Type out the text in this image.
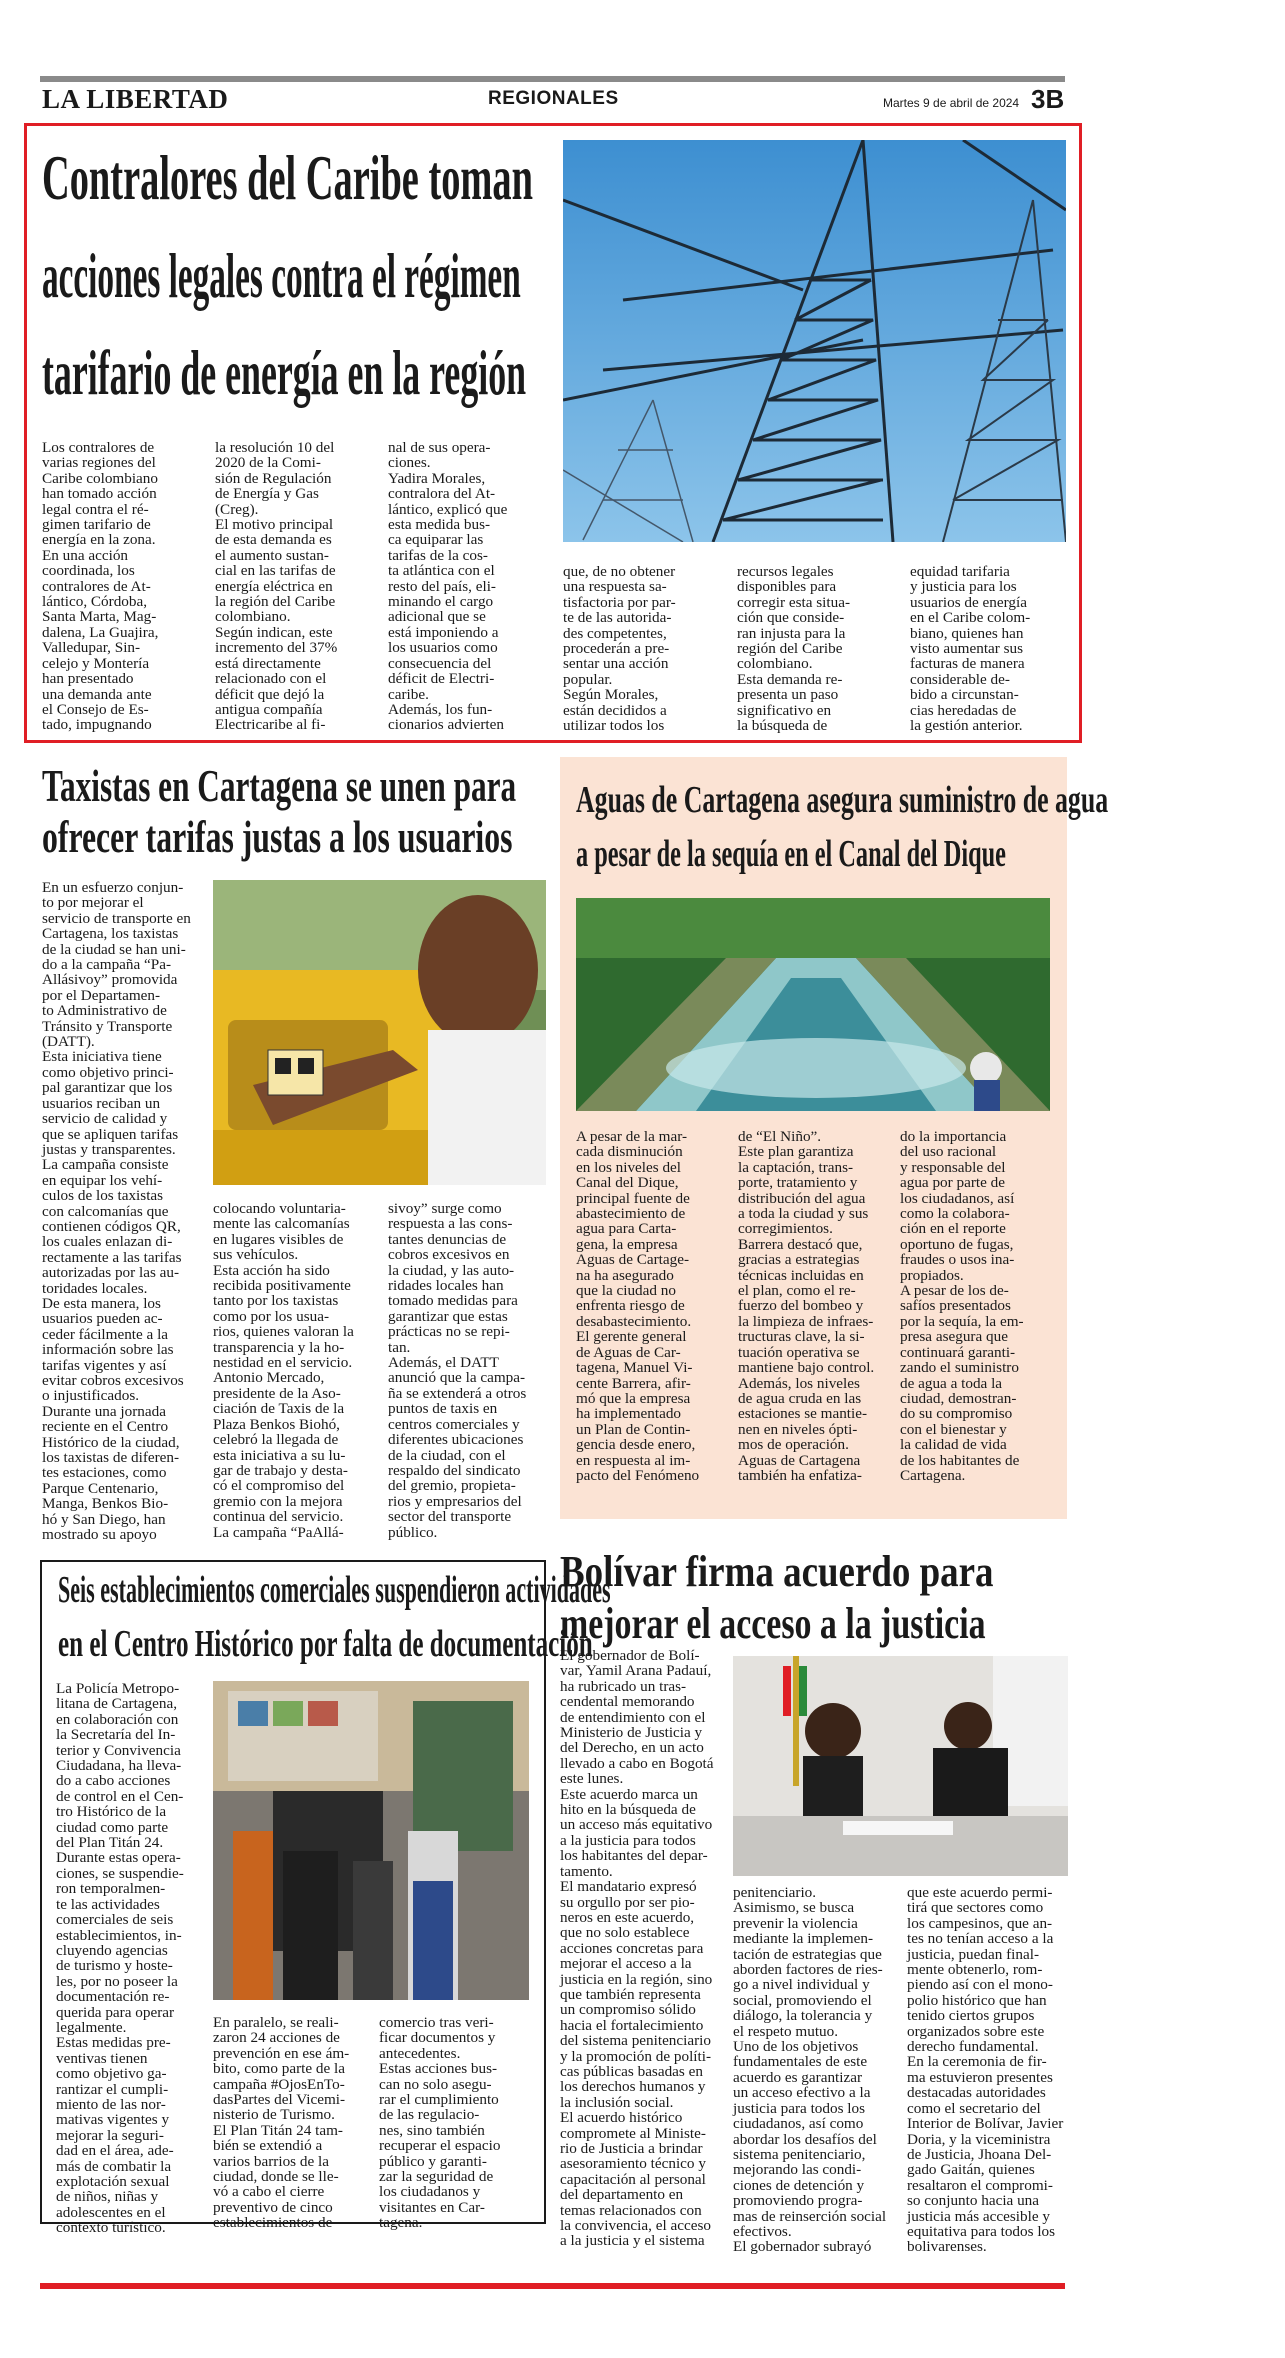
LA LIBERTAD	REGIONALES	Martes 9 de abril de 2024 3B
Contralores del Caribe toman
acciones legales contra el régimen
tarifario de energía en la región
Los contralores de
varias regiones del
Caribe colombiano
han tomado acción
legal contra el ré-
gimen tarifario de
energía en la zona.
En una acción
coordinada, los
contralores de At-
lántico, Córdoba,
Santa Marta, Mag-
dalena, La Guajira,
Valledupar, Sin-
celejo y Montería
han presentado
una demanda ante
el Consejo de Es-
tado, impugnando
la resolución 10 del
2020 de la Comi-
sión de Regulación
de Energía y Gas
(Creg).
El motivo principal
de esta demanda es
el aumento sustan-
cial en las tarifas de
energía eléctrica en
la región del Caribe
colombiano.
Según indican, este
incremento del 37%
está directamente
relacionado con el
déficit que dejó la
antigua compañía
Electricaribe al fi-
nal de sus opera-
ciones.
Yadira Morales,
contralora del At-
lántico, explicó que
esta medida bus-
ca equiparar las
tarifas de la cos-
ta atlántica con el
resto del país, eli-
minando el cargo
adicional que se
está imponiendo a
los usuarios como
consecuencia del
déficit de Electri-
caribe.
Además, los fun-
cionarios advierten
que, de no obtener
una respuesta sa-
tisfactoria por par-
te de las autorida-
des competentes,
procederán a pre-
sentar una acción
popular.
Según Morales,
están decididos a
utilizar todos los
recursos legales
disponibles para
corregir esta situa-
ción que conside-
ran injusta para la
región del Caribe
colombiano.
Esta demanda re-
presenta un paso
significativo en
la búsqueda de
equidad tarifaria
y justicia para los
usuarios de energía
en el Caribe colom-
biano, quienes han
visto aumentar sus
facturas de manera
considerable de-
bido a circunstan-
cias heredadas de
la gestión anterior.
Taxistas en Cartagena se unen para
ofrecer tarifas justas a los usuarios
En un esfuerzo conjun-
to por mejorar el
servicio de transporte en
Cartagena, los taxistas
de la ciudad se han uni-
do a la campaña “Pa-
Allásivoy” promovida
por el Departamen-
to Administrativo de
Tránsito y Transporte
(DATT).
Esta iniciativa tiene
como objetivo princi-
pal garantizar que los
usuarios reciban un
servicio de calidad y
que se apliquen tarifas
justas y transparentes.
La campaña consiste
en equipar los vehí-
culos de los taxistas
con calcomanías que
contienen códigos QR,
los cuales enlazan di-
rectamente a las tarifas
autorizadas por las au-
toridades locales.
De esta manera, los
usuarios pueden ac-
ceder fácilmente a la
información sobre las
tarifas vigentes y así
evitar cobros excesivos
o injustificados.
Durante una jornada
reciente en el Centro
Histórico de la ciudad,
los taxistas de diferen-
tes estaciones, como
Parque Centenario,
Manga, Benkos Bio-
hó y San Diego, han
mostrado su apoyo
colocando voluntaria-
mente las calcomanías
en lugares visibles de
sus vehículos.
Esta acción ha sido
recibida positivamente
tanto por los taxistas
como por los usua-
rios, quienes valoran la
transparencia y la ho-
nestidad en el servicio.
Antonio Mercado,
presidente de la Aso-
ciación de Taxis de la
Plaza Benkos Biohó,
celebró la llegada de
esta iniciativa a su lu-
gar de trabajo y desta-
có el compromiso del
gremio con la mejora
continua del servicio.
La campaña “PaAllá-
sivoy” surge como
respuesta a las cons-
tantes denuncias de
cobros excesivos en
la ciudad, y las auto-
ridades locales han
tomado medidas para
garantizar que estas
prácticas no se repi-
tan.
Además, el DATT
anunció que la campa-
ña se extenderá a otros
puntos de taxis en
centros comerciales y
diferentes ubicaciones
de la ciudad, con el
respaldo del sindicato
del gremio, propieta-
rios y empresarios del
sector del transporte
público.
Aguas de Cartagena asegura suministro de agua
a pesar de la sequía en el Canal del Dique
A pesar de la mar-
cada disminución
en los niveles del
Canal del Dique,
principal fuente de
abastecimiento de
agua para Carta-
gena, la empresa
Aguas de Cartage-
na ha asegurado
que la ciudad no
enfrenta riesgo de
desabastecimiento.
El gerente general
de Aguas de Car-
tagena, Manuel Vi-
cente Barrera, afir-
mó que la empresa
ha implementado
un Plan de Contin-
gencia desde enero,
en respuesta al im-
pacto del Fenómeno
de “El Niño”.
Este plan garantiza
la captación, trans-
porte, tratamiento y
distribución del agua
a toda la ciudad y sus
corregimientos.
Barrera destacó que,
gracias a estrategias
técnicas incluidas en
el plan, como el re-
fuerzo del bombeo y
la limpieza de infraes-
tructuras clave, la si-
tuación operativa se
mantiene bajo control.
Además, los niveles
de agua cruda en las
estaciones se mantie-
nen en niveles ópti-
mos de operación.
Aguas de Cartagena
también ha enfatiza-
do la importancia
del uso racional
y responsable del
agua por parte de
los ciudadanos, así
como la colabora-
ción en el reporte
oportuno de fugas,
fraudes o usos ina-
propiados.
A pesar de los de-
safíos presentados
por la sequía, la em-
presa asegura que
continuará garanti-
zando el suministro
de agua a toda la
ciudad, demostran-
do su compromiso
con el bienestar y
la calidad de vida
de los habitantes de
Cartagena.
Seis establecimientos comerciales suspendieron actividades
en el Centro Histórico por falta de documentación
La Policía Metropo-
litana de Cartagena,
en colaboración con
la Secretaría del In-
terior y Convivencia
Ciudadana, ha lleva-
do a cabo acciones
de control en el Cen-
tro Histórico de la
ciudad como parte
del Plan Titán 24.
Durante estas opera-
ciones, se suspendie-
ron temporalmen-
te las actividades
comerciales de seis
establecimientos, in-
cluyendo agencias
de turismo y hoste-
les, por no poseer la
documentación re-
querida para operar
legalmente.
Estas medidas pre-
ventivas tienen
como objetivo ga-
rantizar el cumpli-
miento de las nor-
mativas vigentes y
mejorar la seguri-
dad en el área, ade-
más de combatir la
explotación sexual
de niños, niñas y
adolescentes en el
contexto turístico.
En paralelo, se reali-
zaron 24 acciones de
prevención en ese ám-
bito, como parte de la
campaña #OjosEnTo-
dasPartes del Vicemi-
nisterio de Turismo.
El Plan Titán 24 tam-
bién se extendió a
varios barrios de la
ciudad, donde se lle-
vó a cabo el cierre
preventivo de cinco
establecimientos de
comercio tras veri-
ficar documentos y
antecedentes.
Estas acciones bus-
can no solo asegu-
rar el cumplimiento
de las regulacio-
nes, sino también
recuperar el espacio
público y garanti-
zar la seguridad de
los ciudadanos y
visitantes en Car-
tagena.
Bolívar firma acuerdo para
mejorar el acceso a la justicia
El gobernador de Bolí-
var, Yamil Arana Padauí,
ha rubricado un tras-
cendental memorando
de entendimiento con el
Ministerio de Justicia y
del Derecho, en un acto
llevado a cabo en Bogotá
este lunes.
Este acuerdo marca un
hito en la búsqueda de
un acceso más equitativo
a la justicia para todos
los habitantes del depar-
tamento.
El mandatario expresó
su orgullo por ser pio-
neros en este acuerdo,
que no solo establece
acciones concretas para
mejorar el acceso a la
justicia en la región, sino
que también representa
un compromiso sólido
hacia el fortalecimiento
del sistema penitenciario
y la promoción de políti-
cas públicas basadas en
los derechos humanos y
la inclusión social.
El acuerdo histórico
compromete al Ministe-
rio de Justicia a brindar
asesoramiento técnico y
capacitación al personal
del departamento en
temas relacionados con
la convivencia, el acceso
a la justicia y el sistema
penitenciario.
Asimismo, se busca
prevenir la violencia
mediante la implemen-
tación de estrategias que
aborden factores de ries-
go a nivel individual y
social, promoviendo el
diálogo, la tolerancia y
el respeto mutuo.
Uno de los objetivos
fundamentales de este
acuerdo es garantizar
un acceso efectivo a la
justicia para todos los
ciudadanos, así como
abordar los desafíos del
sistema penitenciario,
mejorando las condi-
ciones de detención y
promoviendo progra-
mas de reinserción social
efectivos.
El gobernador subrayó
que este acuerdo permi-
tirá que sectores como
los campesinos, que an-
tes no tenían acceso a la
justicia, puedan final-
mente obtenerlo, rom-
piendo así con el mono-
polio histórico que han
tenido ciertos grupos
organizados sobre este
derecho fundamental.
En la ceremonia de fir-
ma estuvieron presentes
destacadas autoridades
como el secretario del
Interior de Bolívar, Javier
Doria, y la viceministra
de Justicia, Jhoana Del-
gado Gaitán, quienes
resaltaron el compromi-
so conjunto hacia una
justicia más accesible y
equitativa para todos los
bolivarenses.
